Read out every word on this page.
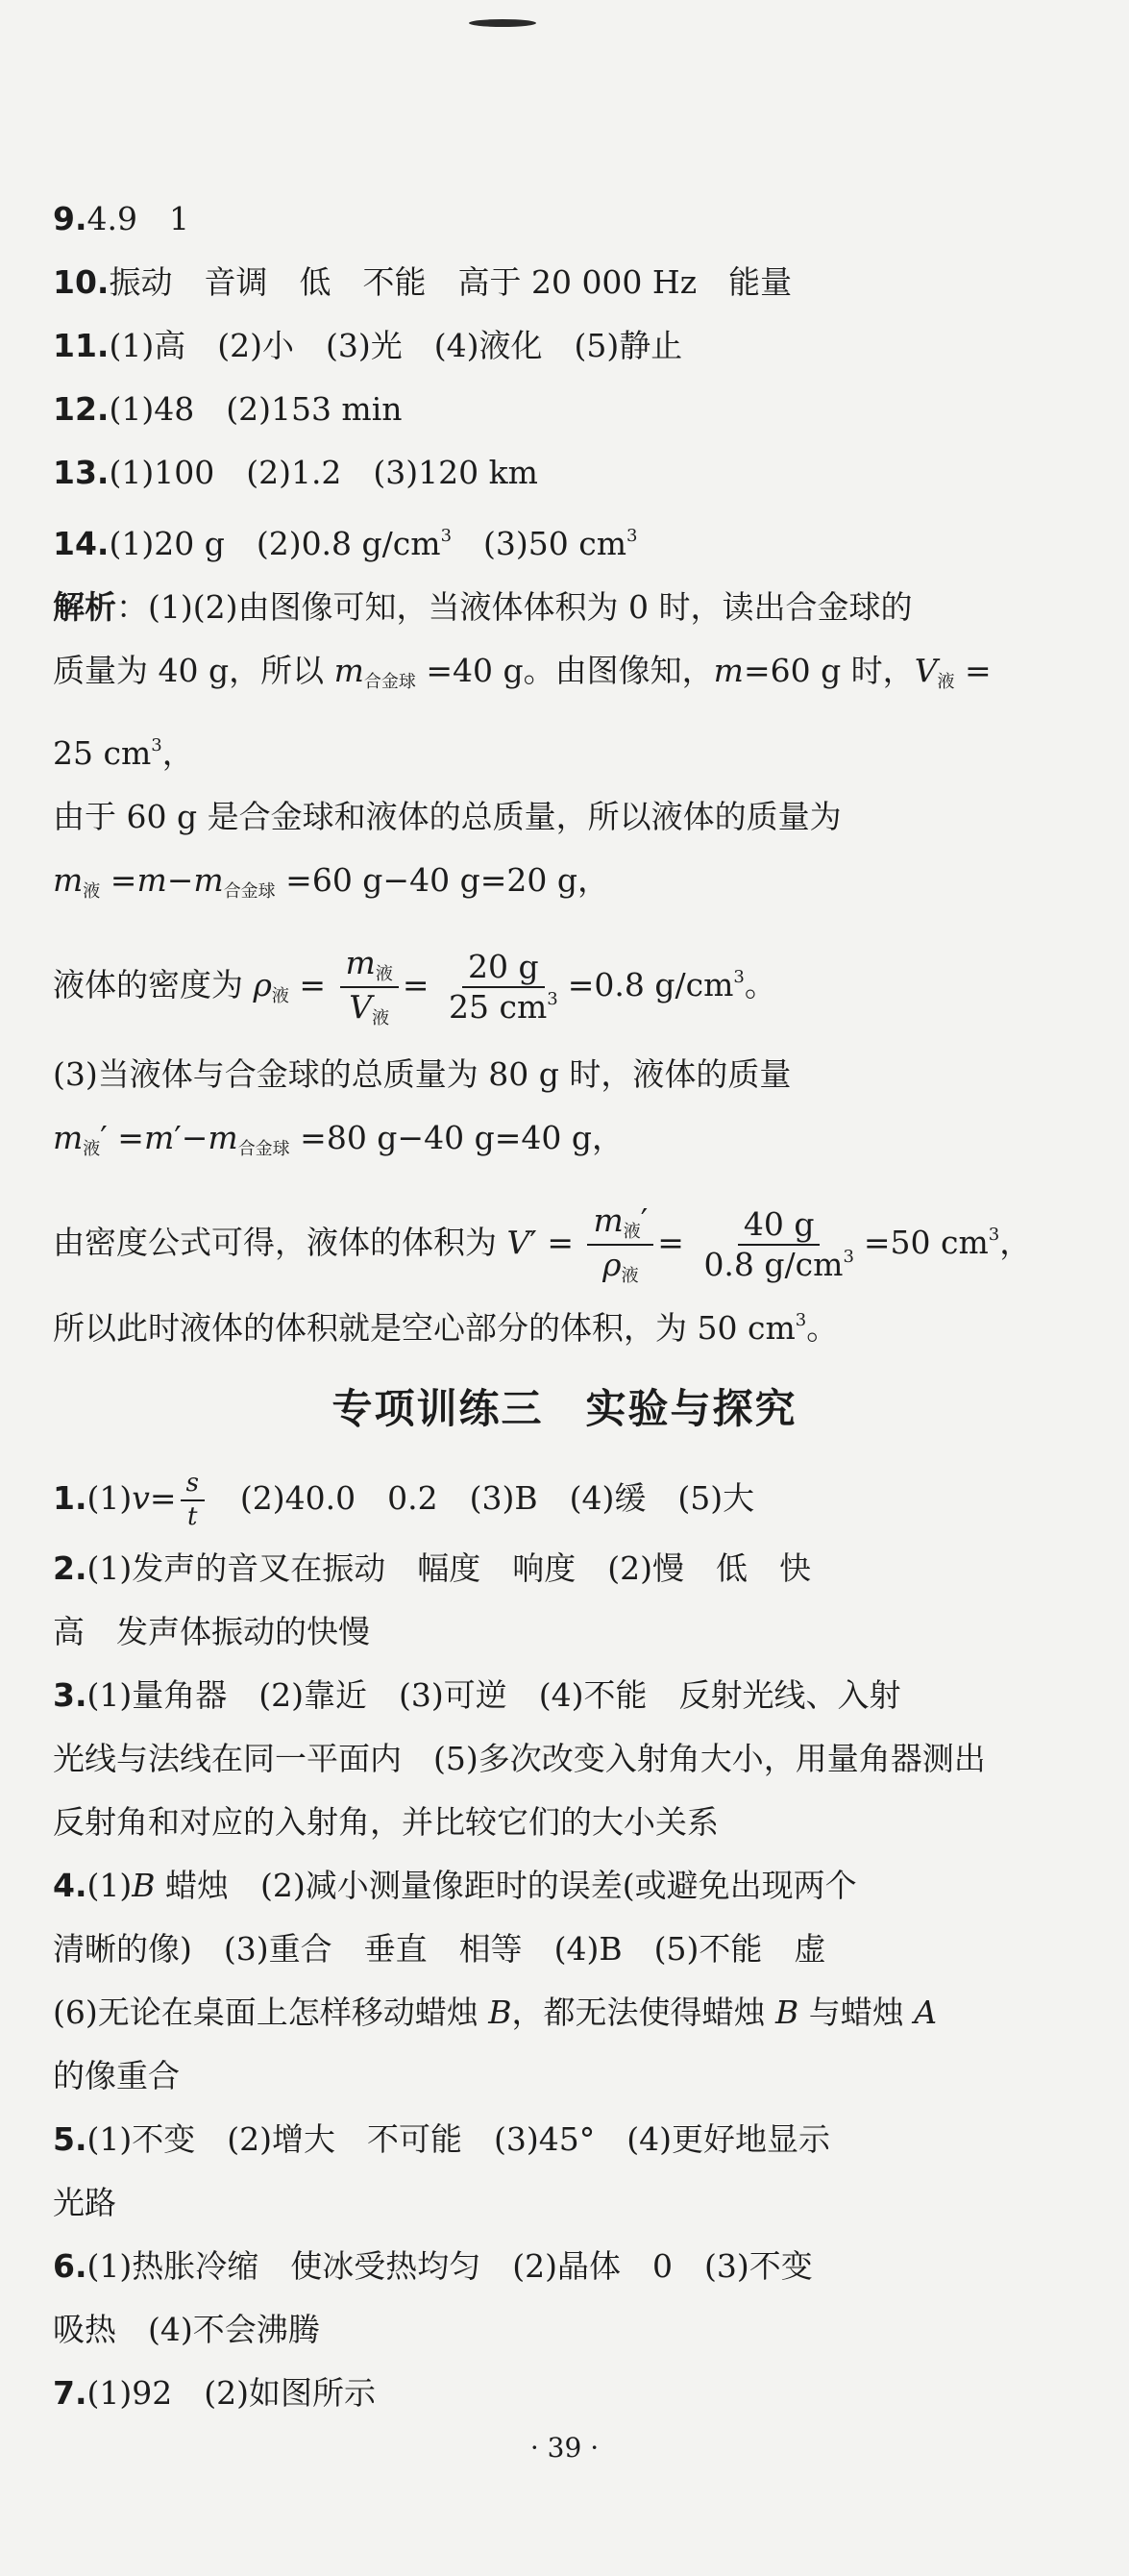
9.4.9　1
10.振动　音调　低　不能　高于 20 000 Hz　能量
11.(1)高　(2)小　(3)光　(4)液化　(5)静止
12.(1)48　(2)153 min
13.(1)100　(2)1.2　(3)120 km
14.(1)20 g　(2)0.8 $g/cm^3$　(3)50 $cm^3$
解析：(1)(2)由图像可知，当液体体积为 0 时，读出合金球的
质量为 40 g，所以 $m_{合金球} =40$ g。由图像知，m=60 g 时，$V_液$ =
25 $cm^3$，
由于 60 g 是合金球和液体的总质量，所以液体的质量为
$m_液 =m-m_{合金球} =60$ g−40 g=20 g，
液体的密度为 $\rho_液 = \frac{m_液}{V_液} = \frac{20 g}{25 cm^3} =0.8$ $g/cm^3$。
(3)当液体与合金球的总质量为 80 g 时，液体的质量
$m_液' =m'-m_{合金球} =80$ g−40 g=40 g，
由密度公式可得，液体的体积为 $V' = \frac{m_液'}{\rho_液} = \frac{40 g}{0.8 g/cm^3} =50$ $cm^3$，
所以此时液体的体积就是空心部分的体积，为 50 $cm^3$。
专项训练三　实验与探究
$1.(1)v= \frac{s}{t}$ 　(2)40.0　0.2　(3)B　(4)缓　(5)大
2.(1)发声的音叉在振动　幅度　响度　(2)慢　低　快
高　发声体振动的快慢
3.(1)量角器　(2)靠近　(3)可逆　(4)不能　反射光线、入射
光线与法线在同一平面内　(5)多次改变入射角大小，用量角器测出
反射角和对应的入射角，并比较它们的大小关系
4.(1)B 蜡烛　(2)减小测量像距时的误差(或避免出现两个
清晰的像)　(3)重合　垂直　相等　(4)B　(5)不能　虚
(6)无论在桌面上怎样移动蜡烛 B，都无法使得蜡烛 B 与蜡烛 A
的像重合
5.(1)不变　(2)增大　不可能　(3)45°　(4)更好地显示
光路
6.(1)热胀冷缩　使冰受热均匀　(2)晶体　0　(3)不变
吸热　(4)不会沸腾
7.(1)92　(2)如图所示
· 39 ·
